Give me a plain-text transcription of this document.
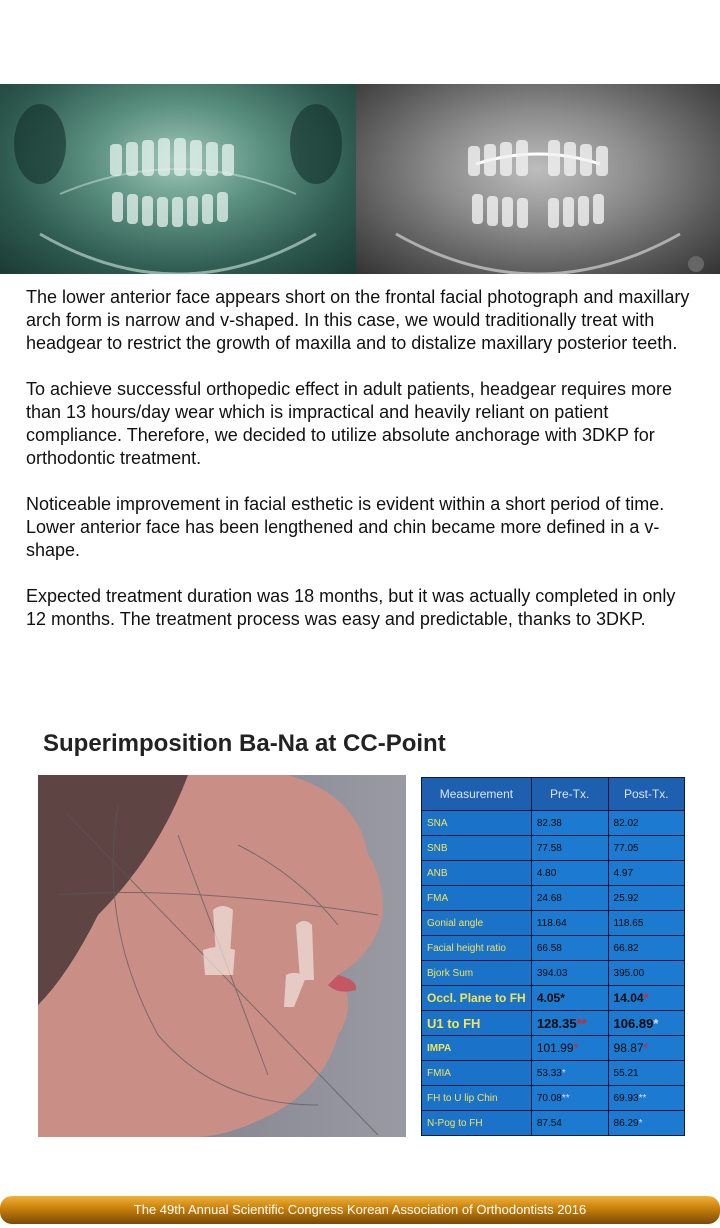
The lower anterior face appears short on the frontal facial photograph and maxillary arch form is narrow and v-shaped. In this case, we would traditionally treat with headgear to restrict the growth of maxilla and to distalize maxillary posterior teeth.

To achieve successful orthopedic effect in adult patients, headgear requires more than 13 hours/day wear which is impractical and heavily reliant on patient compliance. Therefore, we decided to utilize absolute anchorage with 3DKP for orthodontic treatment.

Noticeable improvement in facial esthetic is evident within a short period of time. Lower anterior face has been lengthened and chin became more defined in a v-shape.

Expected treatment duration was 18 months, but it was actually completed in only 12 months. The treatment process was easy and predictable, thanks to 3DKP.

Superimposition Ba-Na at CC-Point
Measurement	Pre-Tx.	Post-Tx.
SNA	82.38	82.02
SNB	77.58	77.05
ANB	4.80	4.97
FMA	24.68	25.92
Gonial angle	118.64	118.65
Facial height ratio	66.58	66.82
Bjork Sum	394.03	395.00
Occl. Plane to FH	4.05*	14.04*
U1 to FH	128.35**	106.89*
IMPA	101.99*	98.87*
FMIA	53.33*	55.21
FH to U lip Chin	70.08**	69.93**
N-Pog to FH	87.54	86.29*
The 49th Annual Scientific Congress Korean Association of Orthodontists 2016
